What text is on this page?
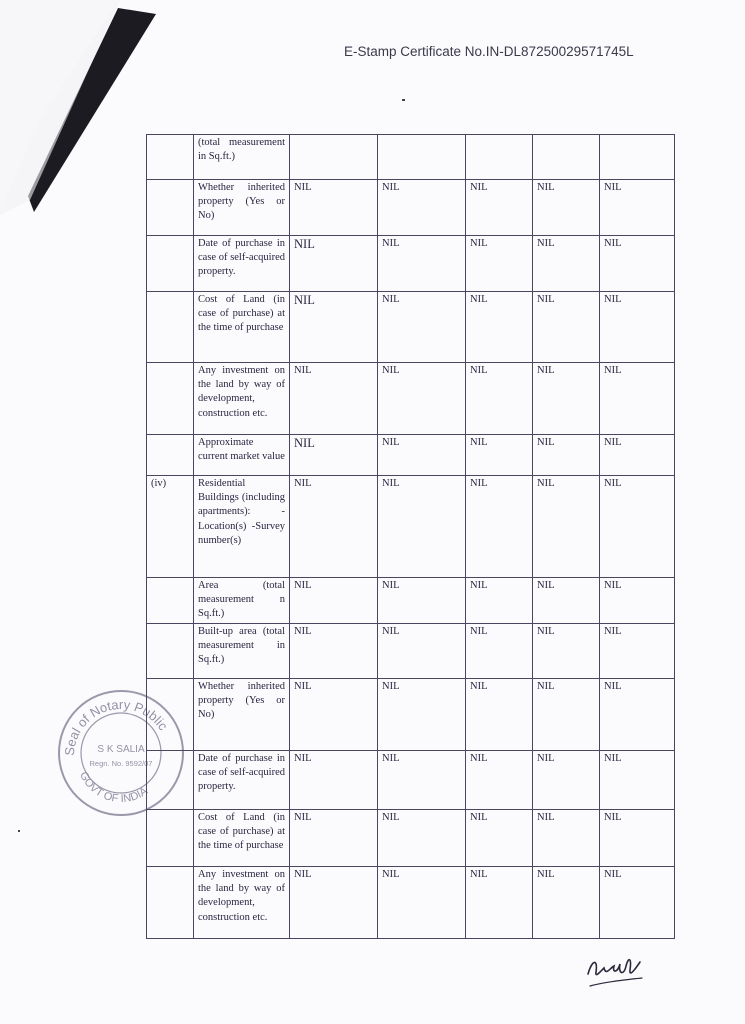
E-Stamp Certificate No.IN-DL87250029571745L
	(total measurement in Sq.ft.)					
	Whether inherited property (Yes or No)	NIL	NIL	NIL	NIL	NIL
	Date of purchase in case of self-acquired property.	NIL	NIL	NIL	NIL	NIL
	Cost of Land (in case of purchase) at the time of purchase	NIL	NIL	NIL	NIL	NIL
	Any investment on the land by way of development, construction etc.	NIL	NIL	NIL	NIL	NIL
	Approximate current market value	NIL	NIL	NIL	NIL	NIL
(iv)	Residential Buildings (including apartments): -Location(s) -Survey number(s)	NIL	NIL	NIL	NIL	NIL
	Area (total measurement n Sq.ft.)	NIL	NIL	NIL	NIL	NIL
	Built-up area (total measurement in Sq.ft.)	NIL	NIL	NIL	NIL	NIL
	Whether inherited property (Yes or No)	NIL	NIL	NIL	NIL	NIL
	Date of purchase in case of self-acquired property.	NIL	NIL	NIL	NIL	NIL
	Cost of Land (in case of purchase) at the time of purchase	NIL	NIL	NIL	NIL	NIL
	Any investment on the land by way of development, construction etc.	NIL	NIL	NIL	NIL	NIL
Seal of Notary Public
GOVT OF INDIA
S K SALIA
Regn. No. 9592/07
